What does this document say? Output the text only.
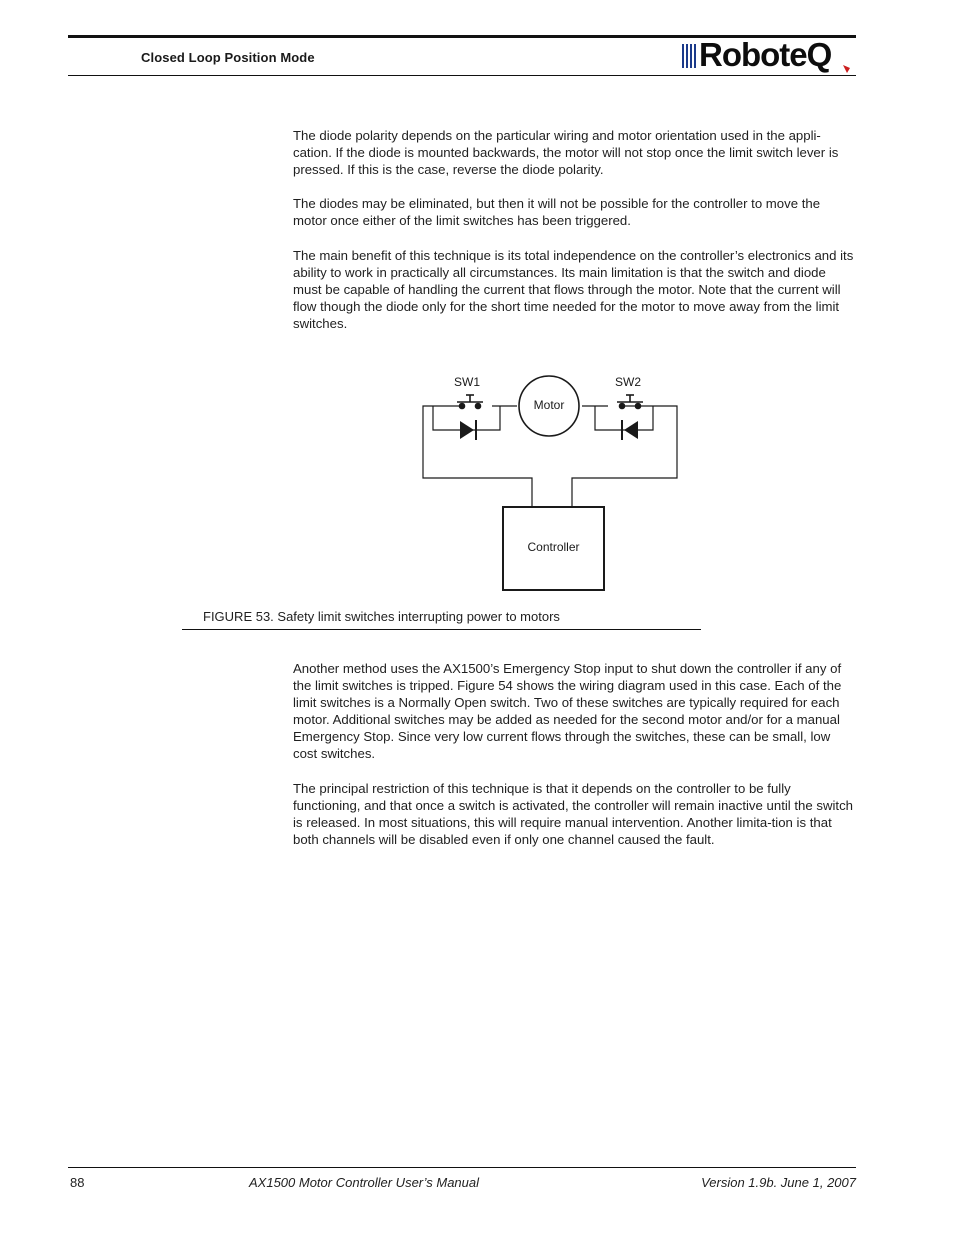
Closed Loop Position Mode	RoboteQ

The diode polarity depends on the particular wiring and motor orientation used in the appli-cation. If the diode is mounted backwards, the motor will not stop once the limit switch lever is pressed. If this is the case, reverse the diode polarity.

The diodes may be eliminated, but then it will not be possible for the controller to move the motor once either of the limit switches has been triggered.

The main benefit of this technique is its total independence on the controller’s electronics and its ability to work in practically all circumstances. Its main limitation is that the switch and diode must be capable of handling the current that flows through the motor. Note that the current will flow though the diode only for the short time needed for the motor to move away from the limit switches.

SW1	SW2
Motor
Controller
FIGURE 53. Safety limit switches interrupting power to motors

Another method uses the AX1500’s Emergency Stop input to shut down the controller if any of the limit switches is tripped. Figure 54 shows the wiring diagram used in this case. Each of the limit switches is a Normally Open switch. Two of these switches are typically required for each motor. Additional switches may be added as needed for the second motor and/or for a manual Emergency Stop. Since very low current flows through the switches, these can be small, low cost switches.

The principal restriction of this technique is that it depends on the controller to be fully functioning, and that once a switch is activated, the controller will remain inactive until the switch is released. In most situations, this will require manual intervention. Another limita-tion is that both channels will be disabled even if only one channel caused the fault.

88	AX1500 Motor Controller User’s Manual	Version 1.9b. June 1, 2007
